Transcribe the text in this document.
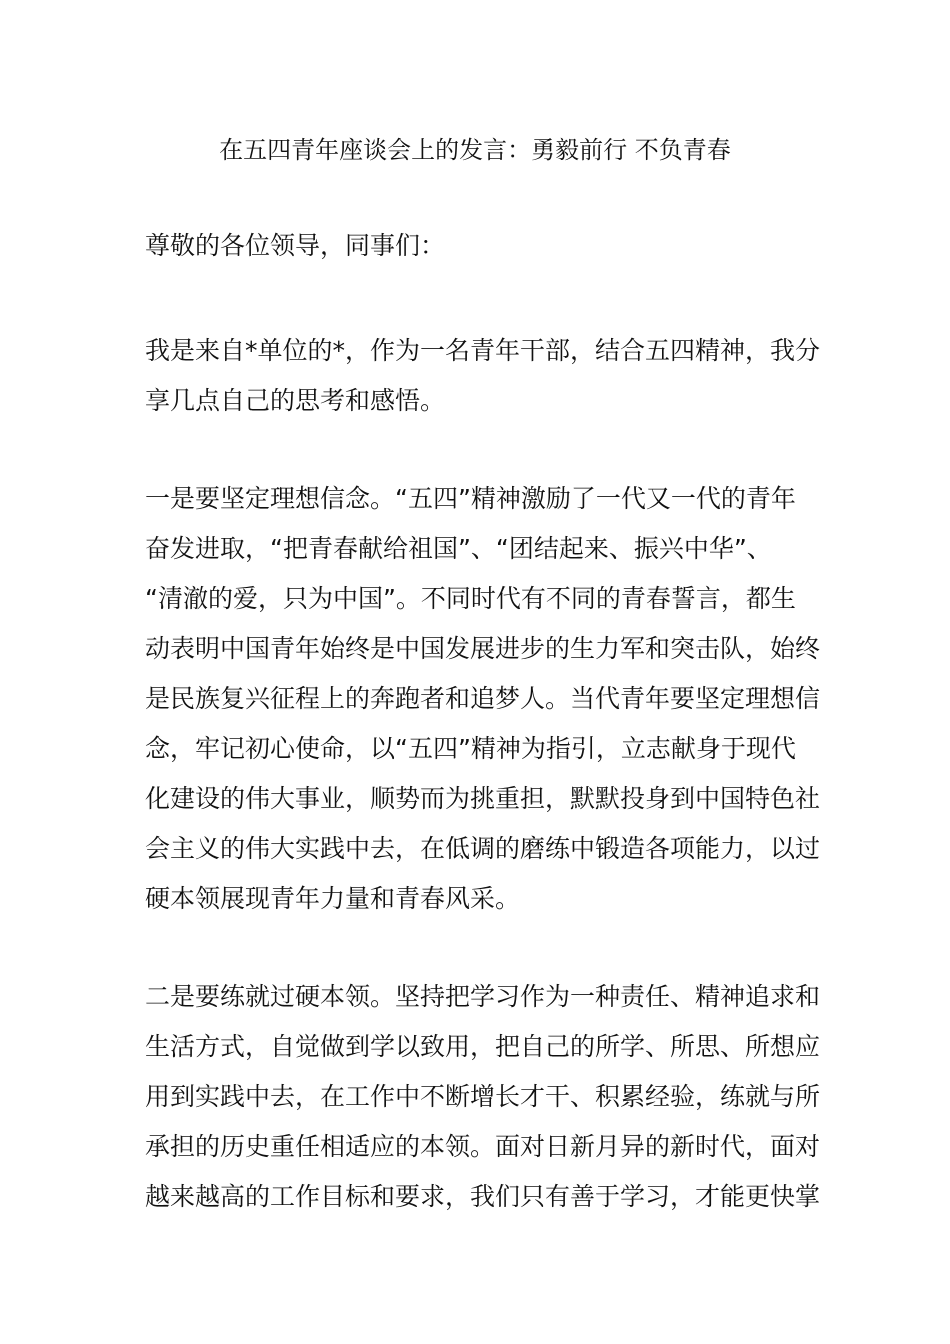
在五四青年座谈会上的发言：勇毅前行 不负青春
尊敬的各位领导，同事们：
我是来自*单位的*，作为一名青年干部，结合五四精神，我分
享几点自己的思考和感悟。
一是要坚定理想信念。“五四”精神激励了一代又一代的青年
奋发进取，“把青春献给祖国”、“团结起来、振兴中华”、
“清澈的爱，只为中国”。不同时代有不同的青春誓言，都生
动表明中国青年始终是中国发展进步的生力军和突击队，始终
是民族复兴征程上的奔跑者和追梦人。当代青年要坚定理想信
念，牢记初心使命，以“五四”精神为指引，立志献身于现代
化建设的伟大事业，顺势而为挑重担，默默投身到中国特色社
会主义的伟大实践中去，在低调的磨练中锻造各项能力，以过
硬本领展现青年力量和青春风采。
二是要练就过硬本领。坚持把学习作为一种责任、精神追求和
生活方式，自觉做到学以致用，把自己的所学、所思、所想应
用到实践中去，在工作中不断增长才干、积累经验，练就与所
承担的历史重任相适应的本领。面对日新月异的新时代，面对
越来越高的工作目标和要求，我们只有善于学习，才能更快掌
